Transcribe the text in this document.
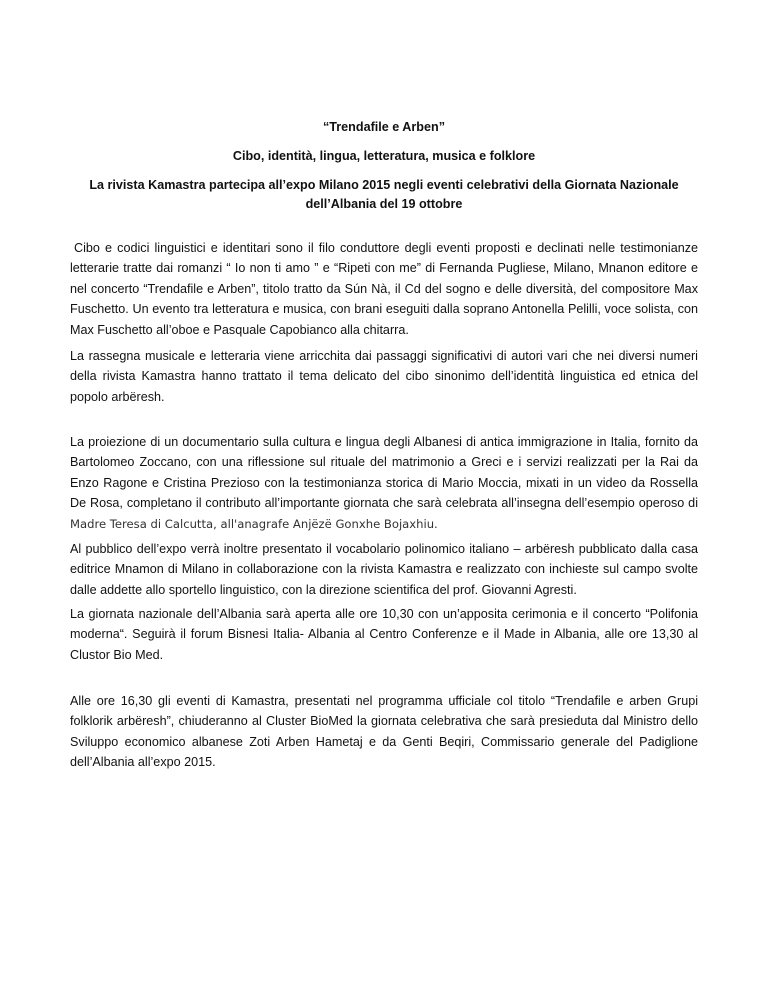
“Trendafile e Arben”
Cibo, identità, lingua, letteratura, musica e folklore
La rivista Kamastra partecipa all’expo Milano 2015 negli eventi celebrativi della Giornata Nazionale dell’Albania del 19 ottobre
Cibo e codici linguistici e identitari sono il filo conduttore degli eventi proposti e declinati nelle testimonianze letterarie tratte dai romanzi “ Io non ti amo ” e “Ripeti con me” di Fernanda Pugliese, Milano, Mnanon editore e nel concerto “Trendafile e Arben”, titolo tratto da Sún Nà, il Cd del sogno e delle diversità, del compositore Max Fuschetto. Un evento tra letteratura e musica, con brani eseguiti dalla soprano Antonella Pelilli, voce solista, con Max Fuschetto all’oboe e Pasquale Capobianco alla chitarra.
La rassegna musicale e letteraria viene arricchita dai passaggi significativi di autori vari che nei diversi numeri della rivista Kamastra hanno trattato il tema delicato del cibo sinonimo dell’identità linguistica ed etnica del popolo arbëresh.
La proiezione di un documentario sulla cultura e lingua degli Albanesi di antica immigrazione in Italia, fornito da Bartolomeo Zoccano, con una riflessione sul rituale del matrimonio a Greci e i servizi realizzati per la Rai da Enzo Ragone e Cristina Prezioso con la testimonianza storica di Mario Moccia, mixati in un video da Rossella De Rosa, completano il contributo all’importante giornata che sarà celebrata all’insegna dell’esempio operoso di Madre Teresa di Calcutta, all'anagrafe Anjëzë Gonxhe Bojaxhiu.
Al pubblico dell’expo verrà inoltre presentato il vocabolario polinomico italiano – arbëresh pubblicato dalla casa editrice Mnamon di Milano in collaborazione con la rivista Kamastra e realizzato con inchieste sul campo svolte dalle addette allo sportello linguistico, con la direzione scientifica del prof. Giovanni Agresti.
La giornata nazionale dell’Albania sarà aperta alle ore 10,30 con un’apposita cerimonia e il concerto “Polifonia moderna“. Seguirà il forum Bisnesi Italia- Albania al Centro Conferenze e il Made in Albania, alle ore 13,30 al Clustor Bio Med.
Alle ore 16,30 gli eventi di Kamastra, presentati nel programma ufficiale col titolo “Trendafile e arben Grupi folklorik arbëresh”, chiuderanno al Cluster BioMed la giornata celebrativa che sarà presieduta dal Ministro dello Sviluppo economico albanese Zoti Arben Hametaj e da Genti Beqiri, Commissario generale del Padiglione dell’Albania all’expo 2015.
